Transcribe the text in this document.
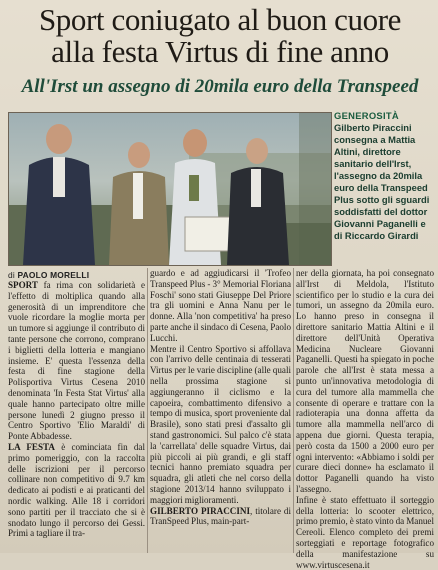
Sport coniugato al buon cuore
alla festa Virtus di fine anno
All'Irst un assegno di 20mila euro della Transpeed
GENEROSITÀ
Gilberto Piraccini consegna a Mattia Altini, direttore sanitario dell'Irst, l'assegno da 20mila euro della Transpeed Plus sotto gli sguardi soddisfatti del dottor Giovanni Paganelli e di Riccardo Girardi
di PAOLO MORELLI

SPORT fa rima con solidarietà e l'effetto di moltiplica quando alla generosità di un imprenditore che vuole ricordare la moglie morta per un tumore si aggiunge il contributo di tante persone che corrono, comprano i biglietti della lotteria e mangiano insieme. E' questa l'essenza della festa di fine stagione della Polisportiva Virtus Cesena 2010 denominata 'In Festa Stat Virtus' alla quale hanno partecipato oltre mille persone lunedì 2 giugno presso il Centro Sportivo 'Elio Maraldi' di Ponte Abbadesse.

LA FESTA è cominciata fin dal primo pomeriggio, con la raccolta delle iscrizioni per il percorso collinare non competitivo di 9.7 km dedicato ai podisti e ai praticanti del nordic walking. Alle 18 i corridori sono partiti per il tracciato che si è snodato lungo il percorso dei Gessi. Primi a tagliare il tra-

guardo e ad aggiudicarsi il 'Trofeo Transpeed Plus - 3° Memorial Floriana Foschi' sono stati Giuseppe Del Priore tra gli uomini e Anna Nanu per le donne. Alla 'non competitiva' ha preso parte anche il sindaco di Cesena, Paolo Lucchi.

Mentre il Centro Sportivo si affollava con l'arrivo delle centinaia di tesserati Virtus per le varie discipline (alle quali nella prossima stagione si aggiungeranno il ciclismo e la capoeira, combattimento difensivo a tempo di musica, sport proveniente dal Brasile), sono stati presi d'assalto gli stand gastronomici. Sul palco c'è stata la 'carrellata' delle squadre Virtus, dai più piccoli ai più grandi, e gli staff tecnici hanno premiato squadra per squadra, gli atleti che nel corso della stagione 2013/14 hanno sviluppato i maggiori miglioramenti.

GILBERTO PIRACCINI, titolare di TranSpeed Plus, main-part-

ner della giornata, ha poi consegnato all'Irst di Meldola, l'Istituto scientifico per lo studio e la cura dei tumori, un assegno da 20mila euro. Lo hanno preso in consegna il direttore sanitario Mattia Altini e il direttore dell'Unità Operativa Medicina Nucleare Giovanni Paganelli. Questi ha spiegato in poche parole che all'Irst è stata messa a punto un'innovativa metodologia di cura del tumore alla mammella che consente di operare e trattare con la radioterapia una donna affetta da tumore alla mammella nell'arco di appena due giorni. Questa terapia, però costa da 1500 a 2000 euro per ogni intervento: «Abbiamo i soldi per curare dieci donne» ha esclamato il dottor Paganelli quando ha visto l'assegno.

Infine è stato effettuato il sorteggio della lotteria: lo scooter elettrico, primo premio, è stato vinto da Manuel Cereoli. Elenco completo dei premi sorteggiati e reportage fotografico della manifestazione su www.virtuscesena.it
